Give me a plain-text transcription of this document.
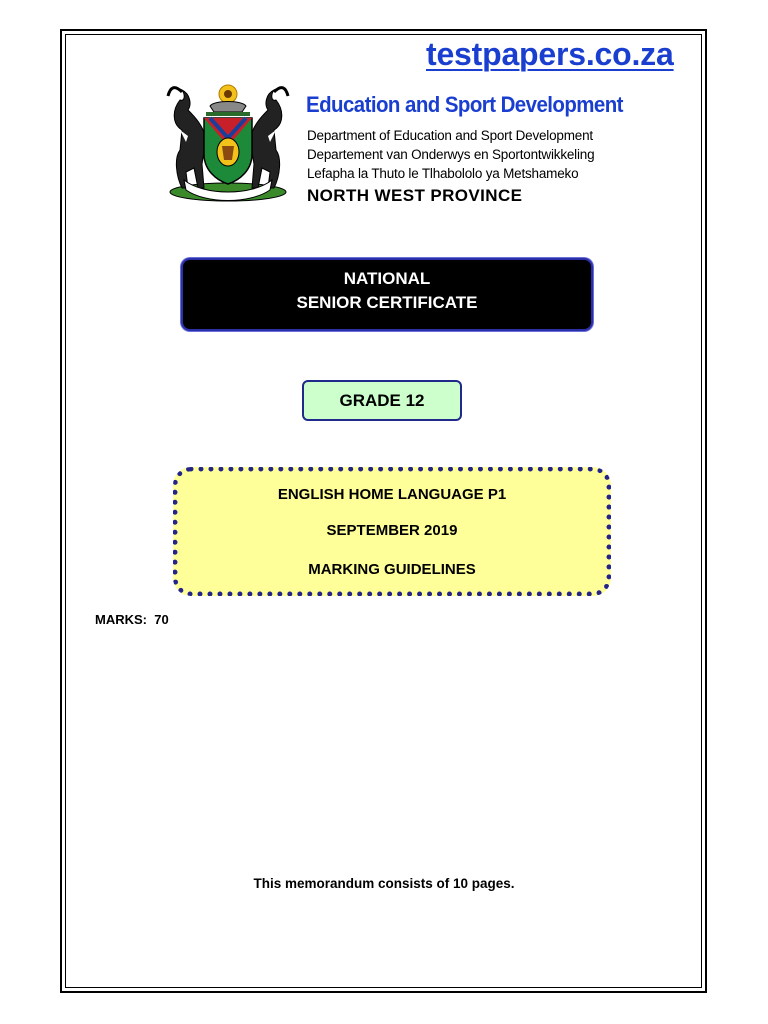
testpapers.co.za
Education and Sport Development
Department of Education and Sport Development
Departement van Onderwys en Sportontwikkeling
Lefapha la Thuto le Tlhabololo ya Metshameko
NORTH WEST PROVINCE
NATIONAL
SENIOR CERTIFICATE
GRADE 12
ENGLISH HOME LANGUAGE P1
SEPTEMBER 2019
MARKING GUIDELINES
MARKS:  70
This memorandum consists of 10 pages.
